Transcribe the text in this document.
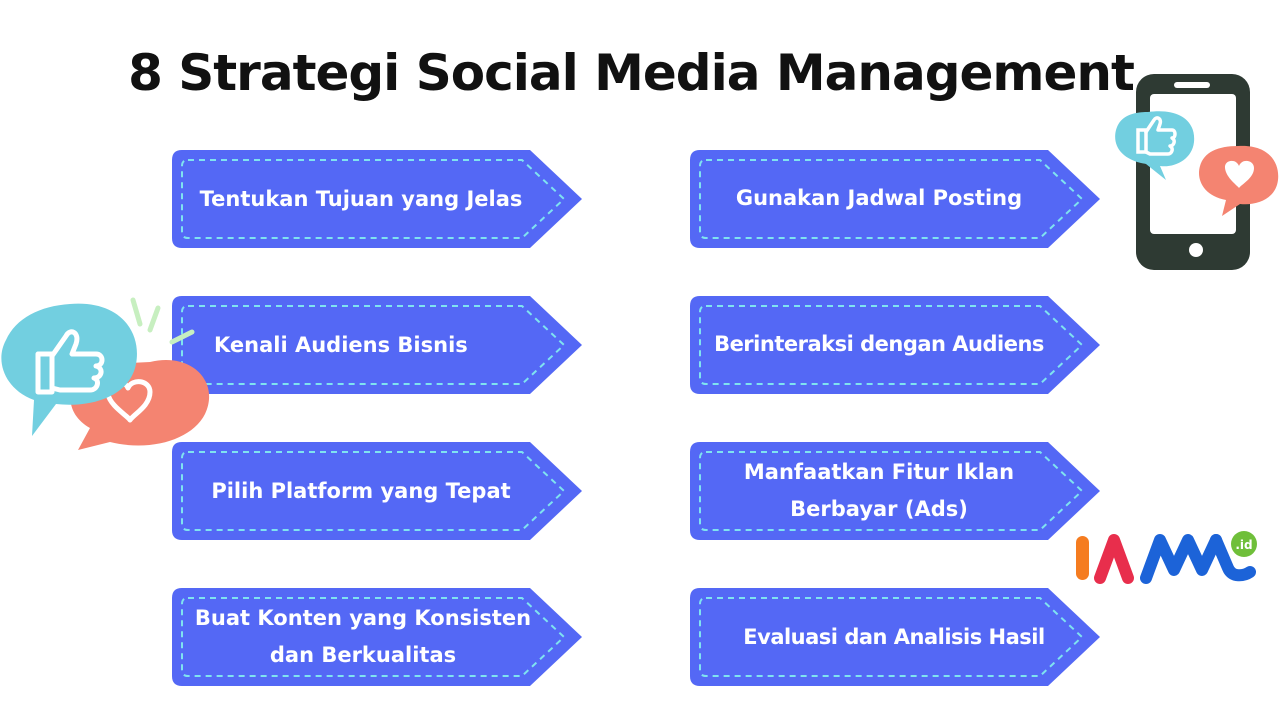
8 Strategi Social Media Management
Tentukan Tujuan yang Jelas
Kenali Audiens Bisnis
Pilih Platform yang Tepat
Buat Konten yang Konsisten dan Berkualitas
Gunakan Jadwal Posting
Berinteraksi dengan Audiens
Manfaatkan Fitur Iklan Berbayar (Ads)
Evaluasi dan Analisis Hasil
.id
